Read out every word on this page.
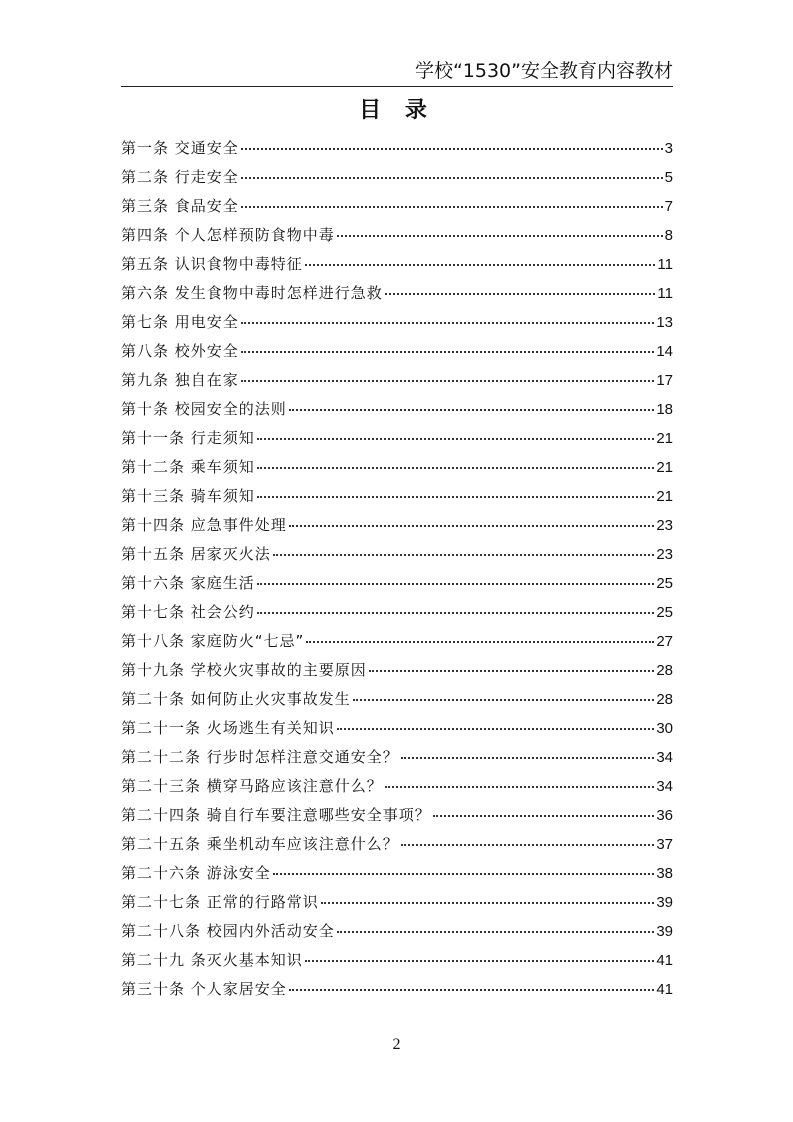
学校“1530”安全教育内容教材
目 录
第一条 交通安全	3
第二条 行走安全	5
第三条 食品安全	7
第四条 个人怎样预防食物中毒	8
第五条 认识食物中毒特征	11
第六条 发生食物中毒时怎样进行急救	11
第七条 用电安全	13
第八条 校外安全	14
第九条 独自在家	17
第十条 校园安全的法则	18
第十一条 行走须知	21
第十二条 乘车须知	21
第十三条 骑车须知	21
第十四条 应急事件处理	23
第十五条 居家灭火法	23
第十六条 家庭生活	25
第十七条 社会公约	25
第十八条 家庭防火“七忌”	27
第十九条 学校火灾事故的主要原因	28
第二十条 如何防止火灾事故发生	28
第二十一条 火场逃生有关知识	30
第二十二条 行步时怎样注意交通安全？	34
第二十三条 横穿马路应该注意什么？	34
第二十四条 骑自行车要注意哪些安全事项？	36
第二十五条 乘坐机动车应该注意什么？	37
第二十六条 游泳安全	38
第二十七条 正常的行路常识	39
第二十八条 校园内外活动安全	39
第二十九 条灭火基本知识	41
第三十条 个人家居安全	41
2
